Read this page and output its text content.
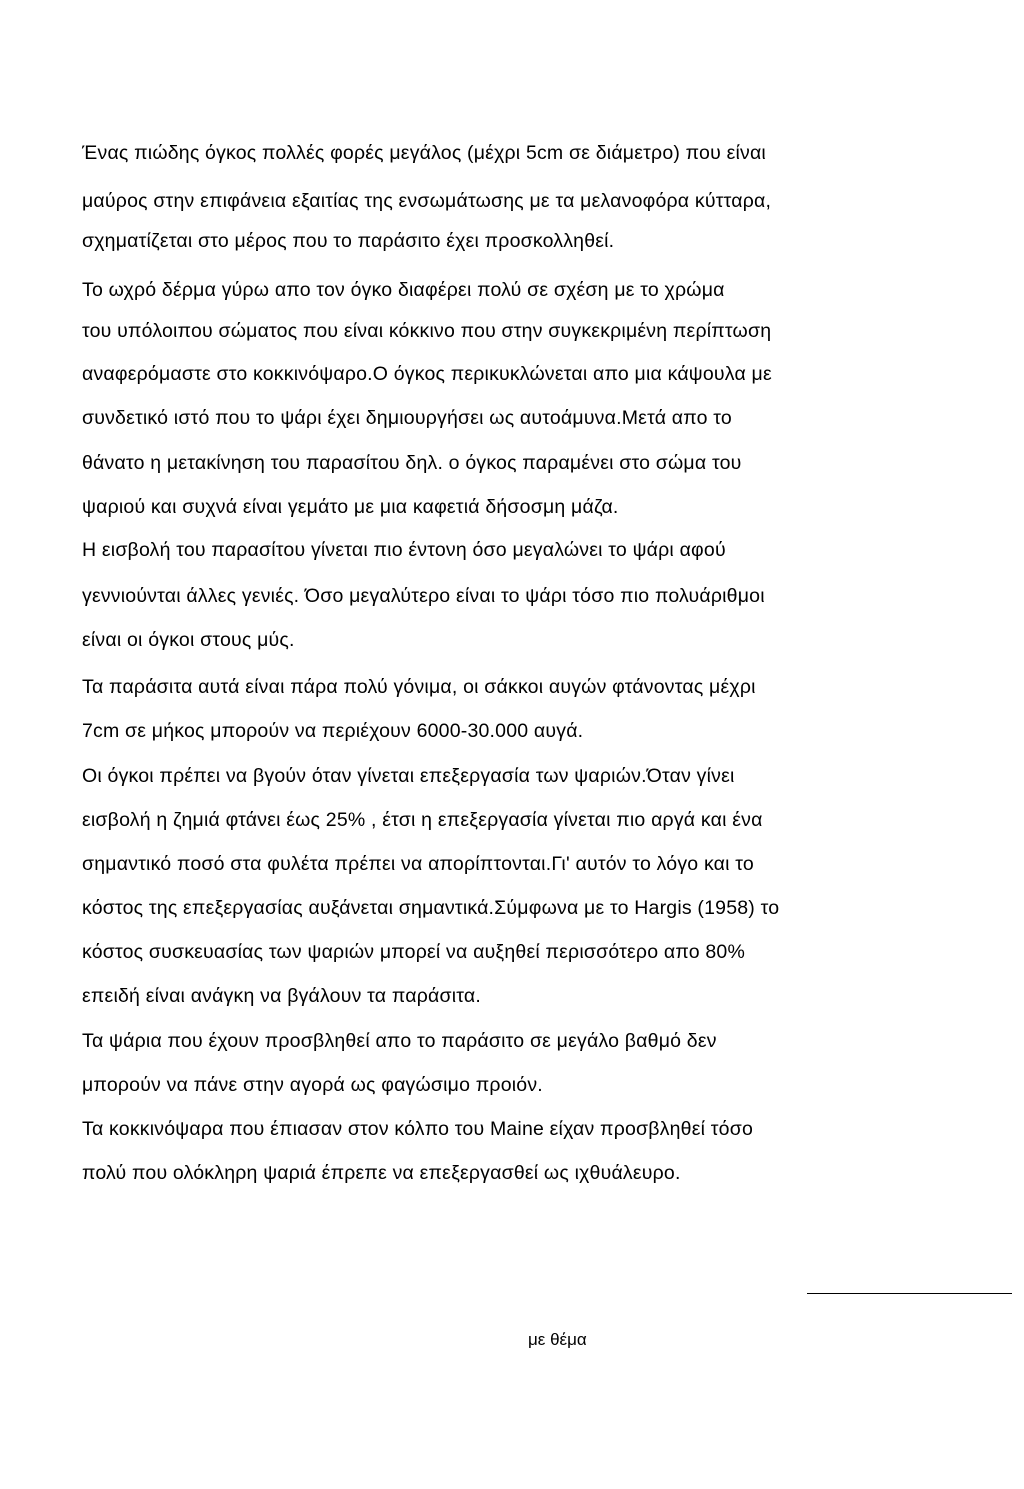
Ένας πιώδης όγκος πολλές φορές μεγάλος (μέχρι 5cm σε διάμετρο) που είναι
μαύρος στην επιφάνεια εξαιτίας της ενσωμάτωσης με τα μελανοφόρα κύτταρα,
σχηματίζεται στο μέρος που το παράσιτο έχει προσκολληθεί.
Το ωχρό δέρμα γύρω απο τον όγκο διαφέρει πολύ σε σχέση με το χρώμα
του υπόλοιπου σώματος που είναι κόκκινο που στην συγκεκριμένη περίπτωση
αναφερόμαστε στο κοκκινόψαρο.Ο όγκος περικυκλώνεται απο μια κάψουλα με
συνδετικό ιστό που το ψάρι έχει δημιουργήσει ως αυτοάμυνα.Μετά απο το
θάνατο η μετακίνηση του παρασίτου δηλ. ο όγκος παραμένει στο σώμα του
ψαριού και συχνά είναι γεμάτο με μια καφετιά δήσοσμη μάζα.
Η εισβολή του παρασίτου γίνεται πιο έντονη όσο μεγαλώνει το ψάρι αφού
γεννιούνται άλλες γενιές. Όσο μεγαλύτερο είναι το ψάρι τόσο πιο πολυάριθμοι
είναι οι όγκοι στους μύς.
Τα παράσιτα αυτά είναι πάρα πολύ γόνιμα, οι σάκκοι αυγών φτάνοντας μέχρι
7cm σε μήκος μπορούν να περιέχουν 6000-30.000 αυγά.
Οι όγκοι πρέπει να βγούν όταν γίνεται επεξεργασία των ψαριών.Όταν γίνει
εισβολή η ζημιά φτάνει έως 25% , έτσι η επεξεργασία γίνεται πιο αργά και ένα
σημαντικό ποσό στα φυλέτα πρέπει να απορίπτονται.Γι' αυτόν το λόγο και το
κόστος της επεξεργασίας αυξάνεται σημαντικά.Σύμφωνα με το Hargis (1958) το
κόστος συσκευασίας των ψαριών μπορεί να αυξηθεί περισσότερο απο 80%
επειδή είναι ανάγκη να βγάλουν τα παράσιτα.
Τα ψάρια που έχουν προσβληθεί απο το παράσιτο σε μεγάλο βαθμό δεν
μπορούν να πάνε στην αγορά ως φαγώσιμο προιόν.
Τα κοκκινόψαρα που έπιασαν στον κόλπο του Maine είχαν προσβληθεί τόσο
πολύ που ολόκληρη ψαριά έπρεπε να επεξεργασθεί ως ιχθυάλευρο.
με θέμα
